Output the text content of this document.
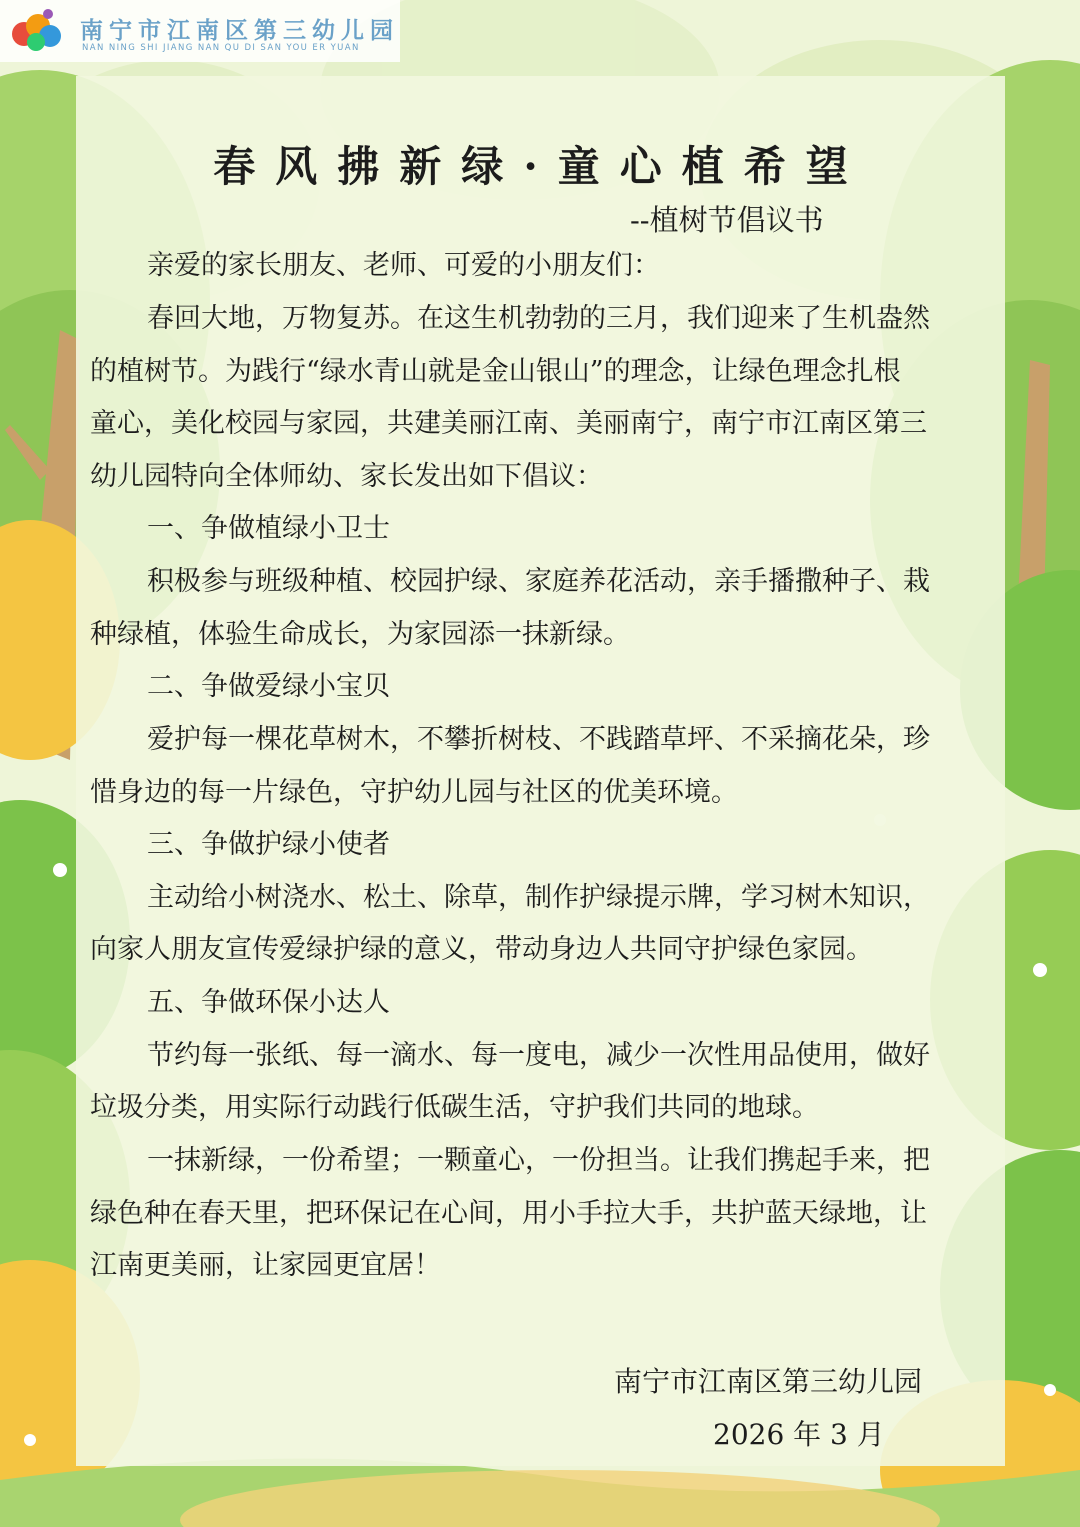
南宁市江南区第三幼儿园
NAN NING SHI JIANG NAN QU DI SAN YOU ER YUAN
春风拂新绿·童心植希望
--植树节倡议书
亲爱的家长朋友、老师、可爱的小朋友们：
春回大地，万物复苏。在这生机勃勃的三月，我们迎来了生机盎然
的植树节。为践行“绿水青山就是金山银山”的理念，让绿色理念扎根
童心，美化校园与家园，共建美丽江南、美丽南宁，南宁市江南区第三
幼儿园特向全体师幼、家长发出如下倡议：
一、争做植绿小卫士
积极参与班级种植、校园护绿、家庭养花活动，亲手播撒种子、栽
种绿植，体验生命成长，为家园添一抹新绿。
二、争做爱绿小宝贝
爱护每一棵花草树木，不攀折树枝、不践踏草坪、不采摘花朵，珍
惜身边的每一片绿色，守护幼儿园与社区的优美环境。
三、争做护绿小使者
主动给小树浇水、松土、除草，制作护绿提示牌，学习树木知识，
向家人朋友宣传爱绿护绿的意义，带动身边人共同守护绿色家园。
五、争做环保小达人
节约每一张纸、每一滴水、每一度电，减少一次性用品使用，做好
垃圾分类，用实际行动践行低碳生活，守护我们共同的地球。
一抹新绿，一份希望；一颗童心，一份担当。让我们携起手来，把
绿色种在春天里，把环保记在心间，用小手拉大手，共护蓝天绿地，让
江南更美丽，让家园更宜居！
南宁市江南区第三幼儿园
2026 年 3 月
